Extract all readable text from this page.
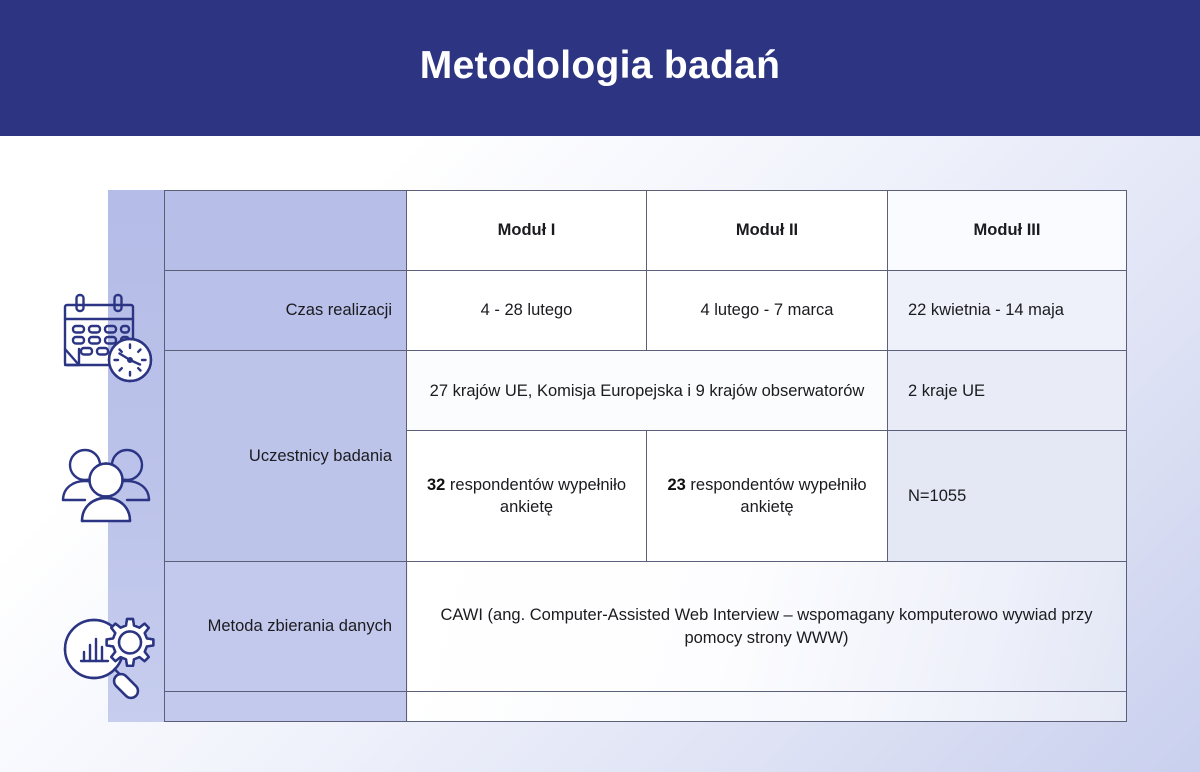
Metodologia badań
	Moduł I	Moduł II	Moduł III
Czas realizacji	4 - 28 lutego	4 lutego - 7 marca	22 kwietnia - 14 maja
Uczestnicy badania	27 krajów UE, Komisja Europejska i 9 krajów obserwatorów		2 kraje UE
	32 respondentów wypełniło ankietę	23 respondentów wypełniło ankietę	N=1055
Metoda zbierania danych	CAWI (ang. Computer-Assisted Web Interview – wspomagany komputerowo wywiad przy pomocy strony WWW)		
